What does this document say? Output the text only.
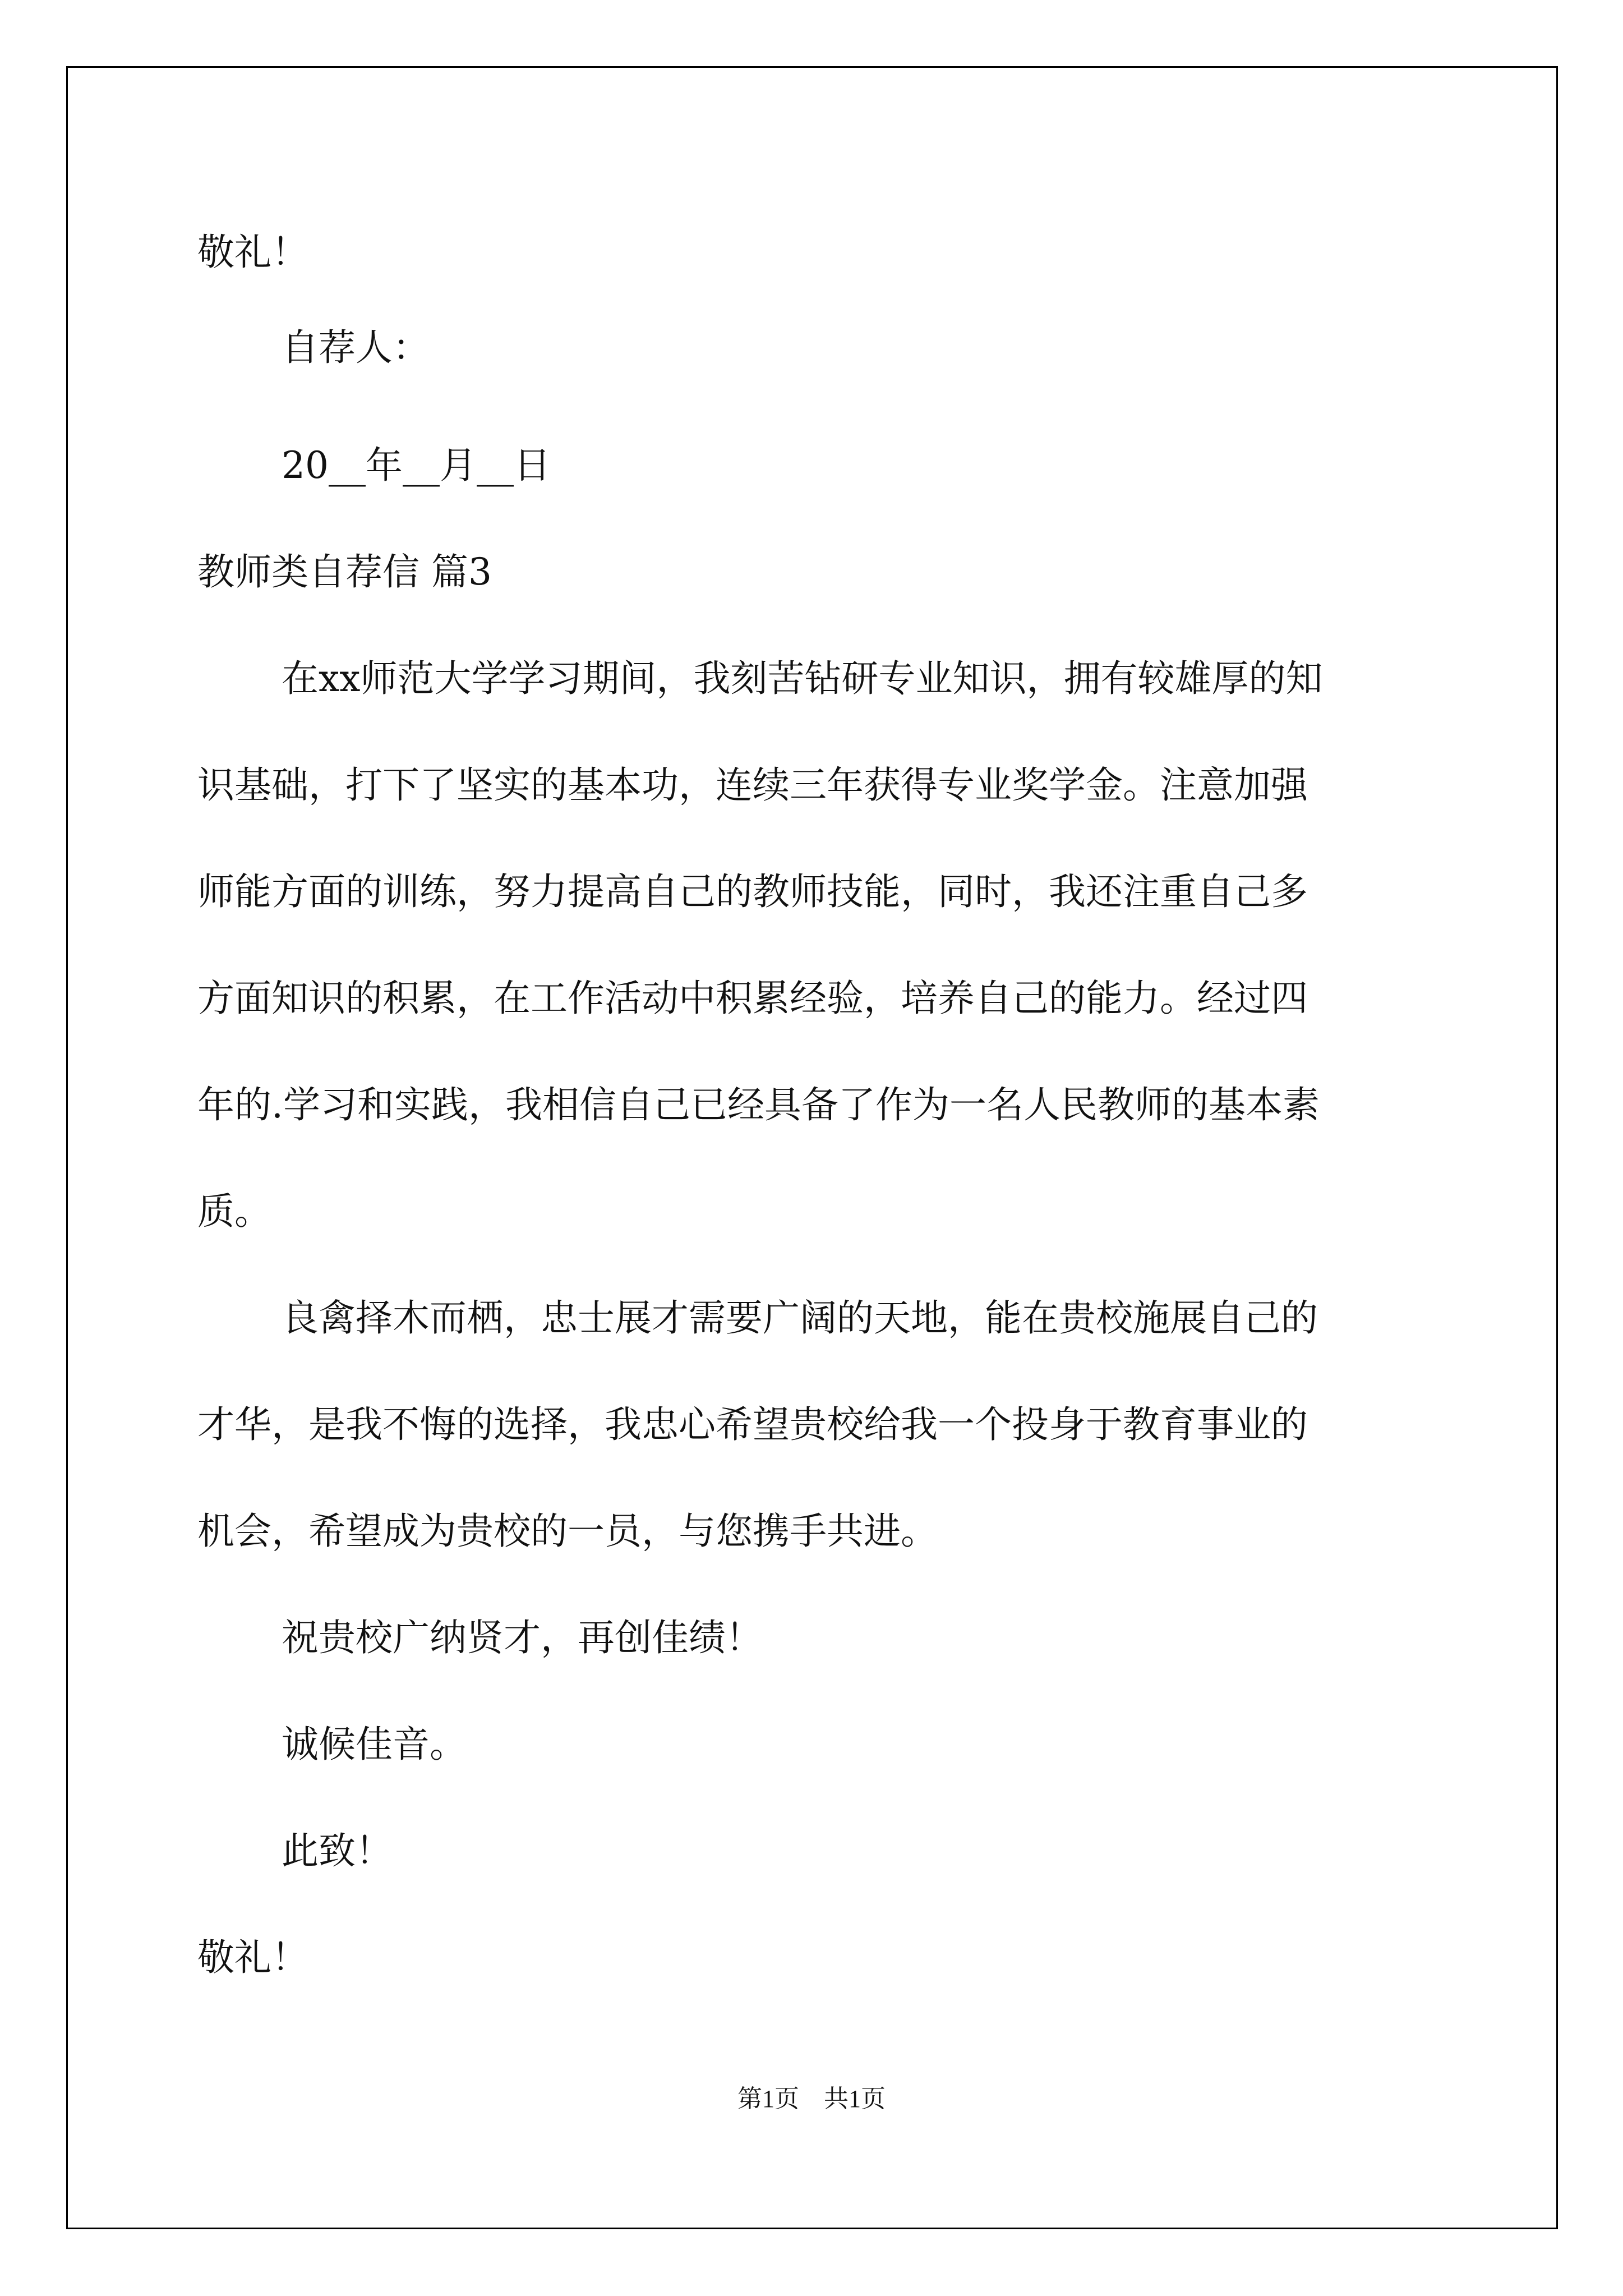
敬礼！
自荐人：
20__年__月__日
教师类自荐信 篇3
在xx师范大学学习期间，我刻苦钻研专业知识，拥有较雄厚的知
识基础，打下了坚实的基本功，连续三年获得专业奖学金。注意加强
师能方面的训练，努力提高自己的教师技能，同时，我还注重自己多
方面知识的积累，在工作活动中积累经验，培养自己的能力。经过四
年的.学习和实践，我相信自己已经具备了作为一名人民教师的基本素
质。
良禽择木而栖，忠士展才需要广阔的天地，能在贵校施展自己的
才华，是我不悔的选择，我忠心希望贵校给我一个投身于教育事业的
机会，希望成为贵校的一员，与您携手共进。
祝贵校广纳贤才，再创佳绩！
诚候佳音。
此致！
敬礼！
第1页　共1页
